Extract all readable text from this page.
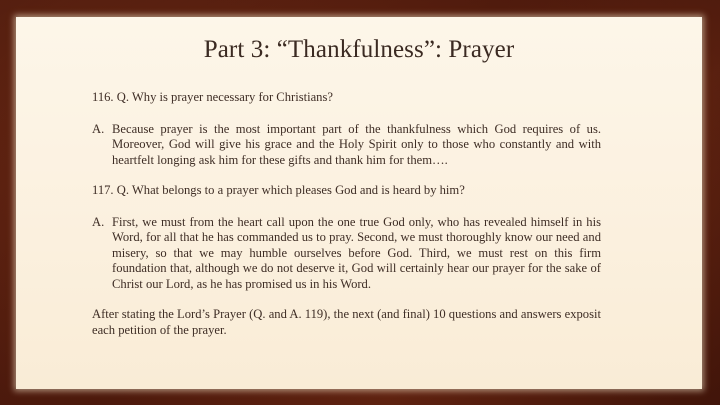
Part 3: “Thankfulness”: Prayer

116. Q. Why is prayer necessary for Christians?

A. Because prayer is the most important part of the thankfulness which God requires of us. Moreover, God will give his grace and the Holy Spirit only to those who constantly and with heartfelt longing ask him for these gifts and thank him for them….

117. Q. What belongs to a prayer which pleases God and is heard by him?

A. First, we must from the heart call upon the one true God only, who has revealed himself in his Word, for all that he has commanded us to pray. Second, we must thoroughly know our need and misery, so that we may humble ourselves before God. Third, we must rest on this firm foundation that, although we do not deserve it, God will certainly hear our prayer for the sake of Christ our Lord, as he has promised us in his Word.

After stating the Lord’s Prayer (Q. and A. 119), the next (and final) 10 questions and answers exposit each petition of the prayer.
